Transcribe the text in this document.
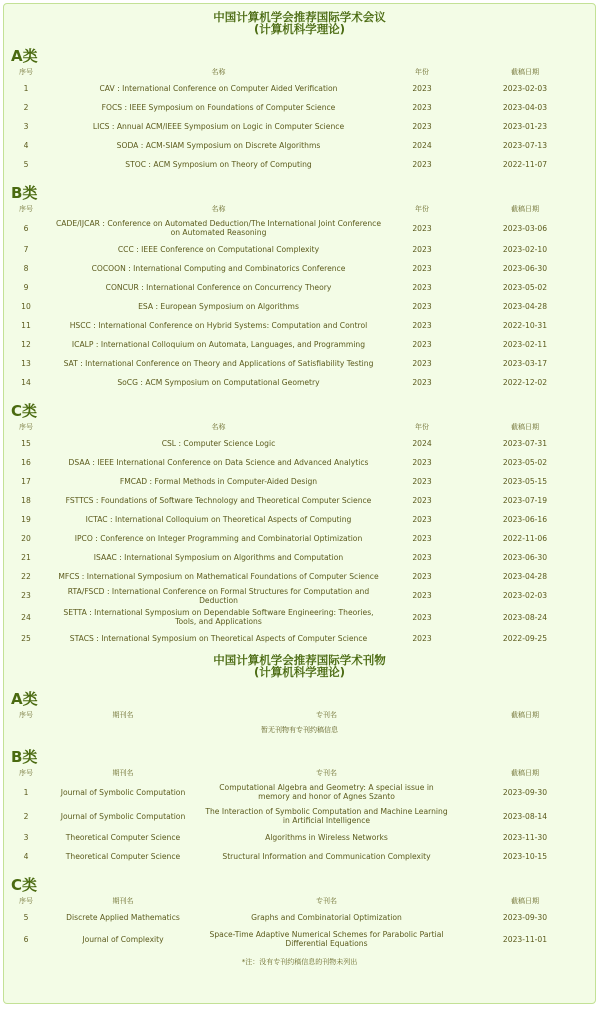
中国计算机学会推荐国际学术会议
(计算机科学理论)
A类
序号	名称	年份	截稿日期
1	CAV : International Conference on Computer Aided Verification	2023	2023-02-03
2	FOCS : IEEE Symposium on Foundations of Computer Science	2023	2023-04-03
3	LICS : Annual ACM/IEEE Symposium on Logic in Computer Science	2023	2023-01-23
4	SODA : ACM-SIAM Symposium on Discrete Algorithms	2024	2023-07-13
5	STOC : ACM Symposium on Theory of Computing	2023	2022-11-07
B类
序号	名称	年份	截稿日期
6	CADE/IJCAR : Conference on Automated Deduction/The International Joint Conference on Automated Reasoning	2023	2023-03-06
7	CCC : IEEE Conference on Computational Complexity	2023	2023-02-10
8	COCOON : International Computing and Combinatorics Conference	2023	2023-06-30
9	CONCUR : International Conference on Concurrency Theory	2023	2023-05-02
10	ESA : European Symposium on Algorithms	2023	2023-04-28
11	HSCC : International Conference on Hybrid Systems: Computation and Control	2023	2022-10-31
12	ICALP : International Colloquium on Automata, Languages, and Programming	2023	2023-02-11
13	SAT : International Conference on Theory and Applications of Satisfiability Testing	2023	2023-03-17
14	SoCG : ACM Symposium on Computational Geometry	2023	2022-12-02
C类
序号	名称	年份	截稿日期
15	CSL : Computer Science Logic	2024	2023-07-31
16	DSAA : IEEE International Conference on Data Science and Advanced Analytics	2023	2023-05-02
17	FMCAD : Formal Methods in Computer-Aided Design	2023	2023-05-15
18	FSTTCS : Foundations of Software Technology and Theoretical Computer Science	2023	2023-07-19
19	ICTAC : International Colloquium on Theoretical Aspects of Computing	2023	2023-06-16
20	IPCO : Conference on Integer Programming and Combinatorial Optimization	2023	2022-11-06
21	ISAAC : International Symposium on Algorithms and Computation	2023	2023-06-30
22	MFCS : International Symposium on Mathematical Foundations of Computer Science	2023	2023-04-28
23	RTA/FSCD : International Conference on Formal Structures for Computation and Deduction	2023	2023-02-03
24	SETTA : International Symposium on Dependable Software Engineering: Theories, Tools, and Applications	2023	2023-08-24
25	STACS : International Symposium on Theoretical Aspects of Computer Science	2023	2022-09-25
中国计算机学会推荐国际学术刊物
(计算机科学理论)
A类
序号	期刊名	专刊名	截稿日期
暂无刊物有专刊约稿信息
B类
序号	期刊名	专刊名	截稿日期
1	Journal of Symbolic Computation	Computational Algebra and Geometry: A special issue in memory and honor of Agnes Szanto	2023-09-30
2	Journal of Symbolic Computation	The Interaction of Symbolic Computation and Machine Learning in Artificial Intelligence	2023-08-14
3	Theoretical Computer Science	Algorithms in Wireless Networks	2023-11-30
4	Theoretical Computer Science	Structural Information and Communication Complexity	2023-10-15
C类
序号	期刊名	专刊名	截稿日期
5	Discrete Applied Mathematics	Graphs and Combinatorial Optimization	2023-09-30
6	Journal of Complexity	Space-Time Adaptive Numerical Schemes for Parabolic Partial Differential Equations	2023-11-01
*注：没有专刊约稿信息的刊物未列出
